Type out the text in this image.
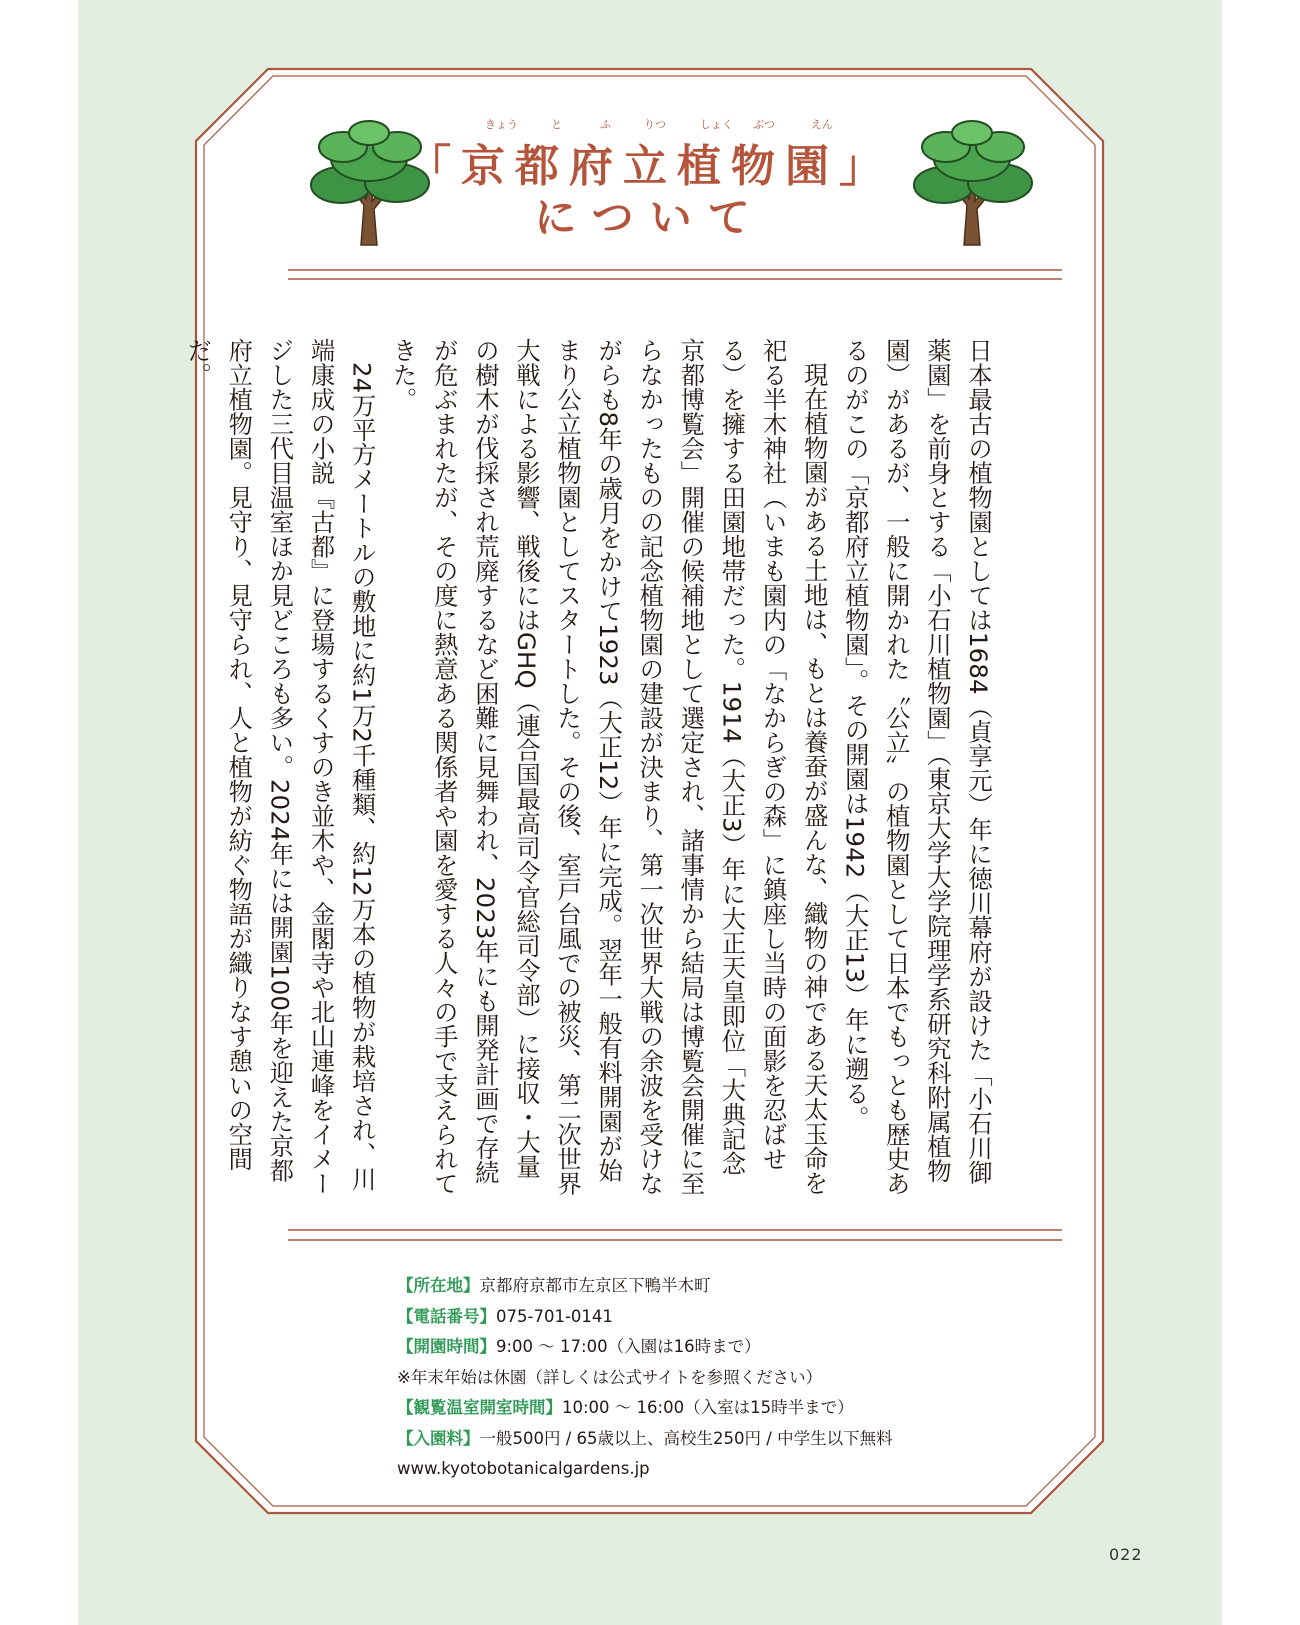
きょう	と	ふ	りつ	しょく ぶつ	えん
「京都府立植物園」
について

日本最古の植物園としては1684（貞享元）年に徳川幕府が設けた「小石川御薬園」を前身とする「小石川植物園」（東京大学大学院理学系研究科附属植物園）があるが、一般に開かれた〝公立〟の植物園として日本でもっとも歴史あるのがこの「京都府立植物園」。その開園は1942（大正13）年に遡る。

現在植物園がある土地は、もとは養蚕が盛んな、織物の神である天太玉命を祀る半木神社（いまも園内の「なからぎの森」に鎮座し当時の面影を忍ばせる）を擁する田園地帯だった。1914（大正3）年に大正天皇即位「大典記念京都博覧会」開催の候補地として選定され、諸事情から結局は博覧会開催に至らなかったものの記念植物園の建設が決まり、第一次世界大戦の余波を受けながらも8年の歳月をかけて1923（大正12）年に完成。翌年一般有料開園が始まり公立植物園としてスタートした。その後、室戸台風での被災、第二次世界大戦による影響、戦後にはGHQ（連合国最高司令官総司令部）に接収・大量の樹木が伐採され荒廃するなど困難に見舞われ、2023年にも開発計画で存続が危ぶまれたが、その度に熱意ある関係者や園を愛する人々の手で支えられてきた。

24万平方メートルの敷地に約1万2千種類、約12万本の植物が栽培され、川端康成の小説『古都』に登場するくすのき並木や、金閣寺や北山連峰をイメージした三代目温室ほか見どころも多い。2024年には開園100年を迎えた京都府立植物園。見守り、見守られ、人と植物が紡ぐ物語が織りなす憩いの空間だ。

【所在地】京都府京都市左京区下鴨半木町
【電話番号】075-701-0141
【開園時間】9:00 ～ 17:00（入園は16時まで）
※年末年始は休園（詳しくは公式サイトを参照ください）
【観覧温室開室時間】10:00 ～ 16:00（入室は15時半まで）
【入園料】一般500円 / 65歳以上、高校生250円 / 中学生以下無料
www.kyotobotanicalgardens.jp
022
